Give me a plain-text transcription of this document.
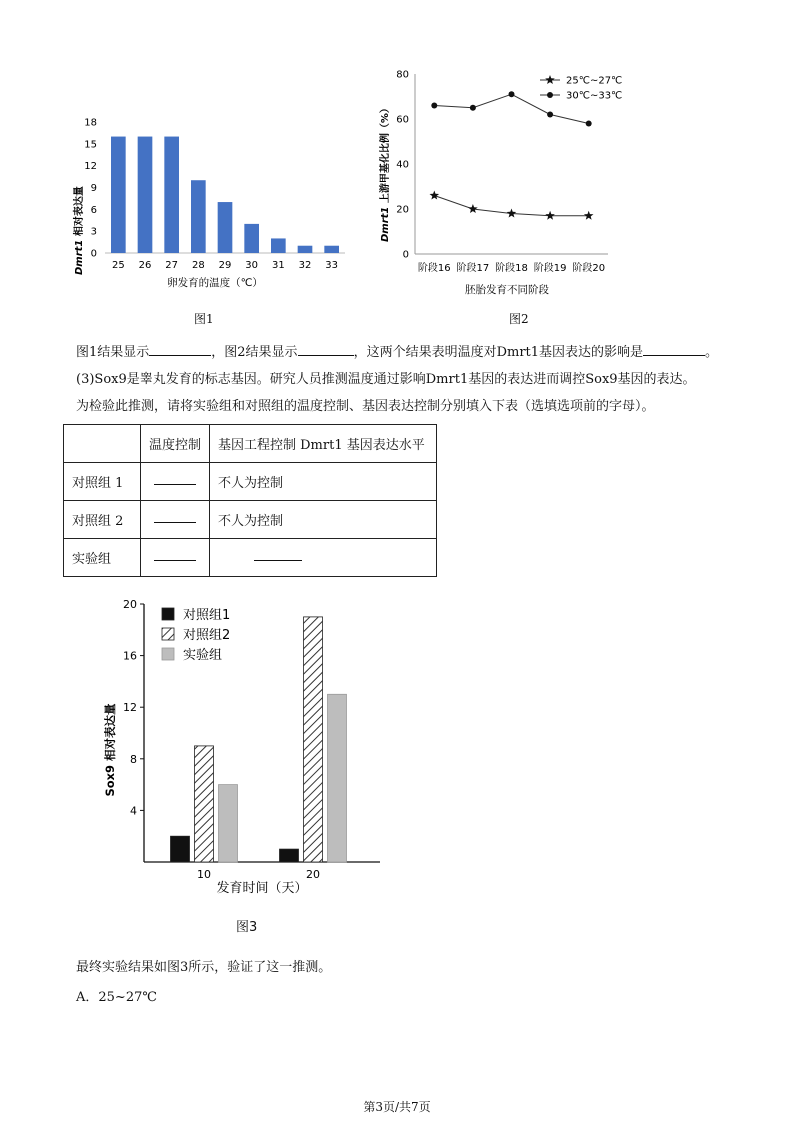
Dmrt1 相对表达量
0
3
6
9
12
15
18
25 26 27 28 29 30 31 32 33
卵发育的温度（℃）
图1
Dmrt1 上游甲基化比例（%）
0
20
40
60
80
阶段16 阶段17 阶段18 阶段19 阶段20
25℃~27℃
30℃~33℃
胚胎发育不同阶段
图2
图1结果显示	，图2结果显示	，这两个结果表明温度对Dmrt1基因表达的影响是	。
(3)Sox9是睾丸发育的标志基因。研究人员推测温度通过影响Dmrt1基因的表达进而调控Sox9基因的表达。
为检验此推测，请将实验组和对照组的温度控制、基因表达控制分别填入下表（选填选项前的字母）。
	温度控制	基因工程控制 Dmrt1 基因表达水平
对照组 1		不人为控制
对照组 2		不人为控制
实验组		
Sox9 相对表达量
4
8
12
16
20
10	20
对照组1
对照组2
实验组
发育时间（天）
图3
最终实验结果如图3所示，验证了这一推测。
A．25~27℃
第3页/共7页
